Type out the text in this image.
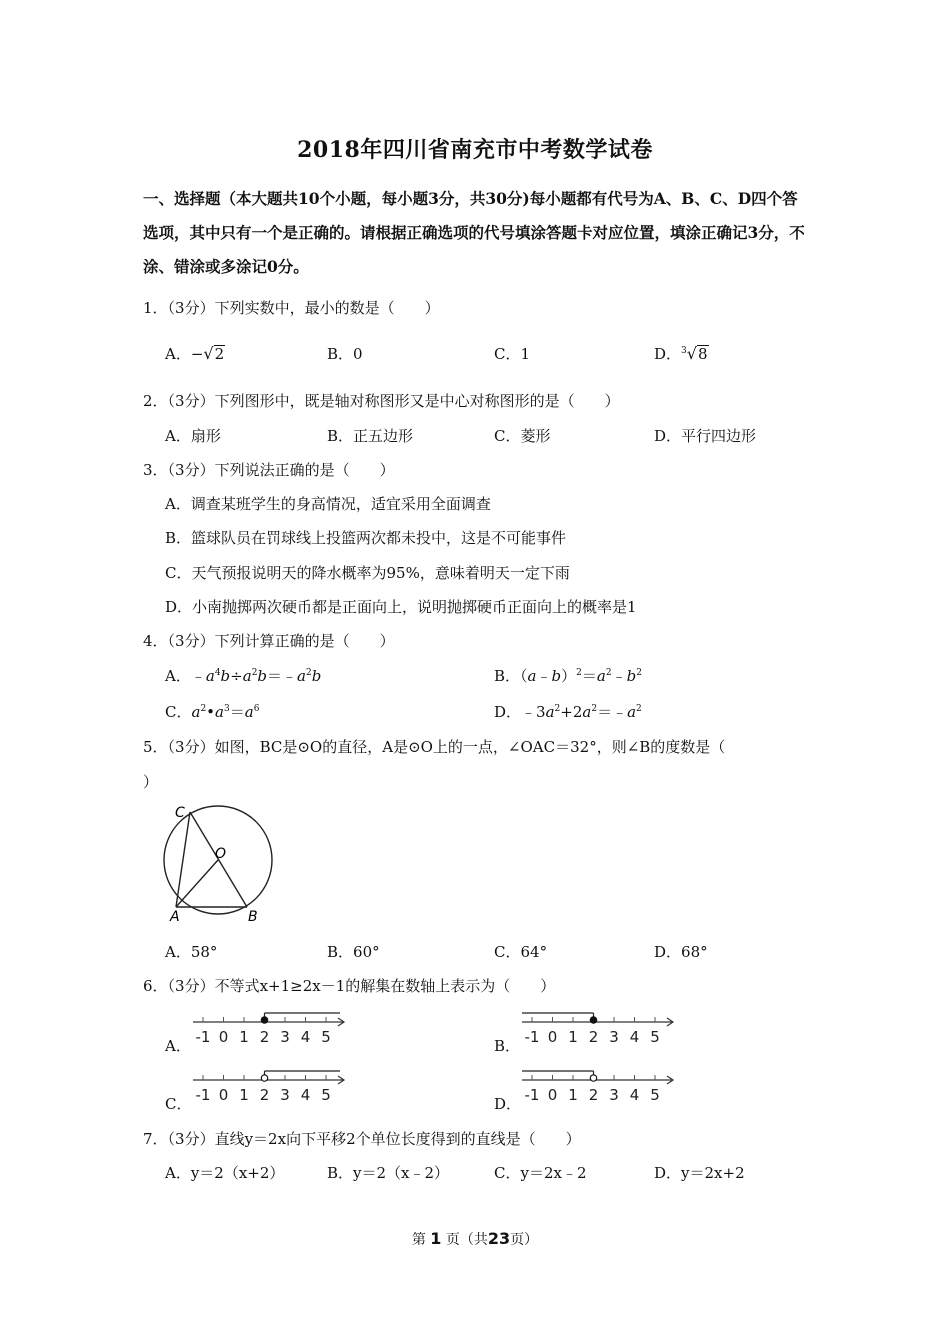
2018年四川省南充市中考数学试卷
一、选择题（本大题共10个小题，每小题3分，共30分)每小题都有代号为A、B、C、D四个答选项，其中只有一个是正确的。请根据正确选项的代号填涂答题卡对应位置，填涂正确记3分，不涂、错涂或多涂记0分。
1．（3分）下列实数中，最小的数是（　　）
A．−√2	B．0	C．1	D．$^3$√8
2．（3分）下列图形中，既是轴对称图形又是中心对称图形的是（　　）
A．扇形	B．正五边形	C．菱形	D．平行四边形
3．（3分）下列说法正确的是（　　）
A．调查某班学生的身高情况，适宜采用全面调查
B．篮球队员在罚球线上投篮两次都未投中，这是不可能事件
C．天气预报说明天的降水概率为95%，意味着明天一定下雨
D．小南抛掷两次硬币都是正面向上，说明抛掷硬币正面向上的概率是1
4．（3分）下列计算正确的是（　　）
A．$﹣a^4b\div a^2b=﹣a^2b$	B．$(a﹣b)^2=a^2﹣b^2$
C．$a^2•a^3=a^6$	D．$﹣3a^2+2a^2=﹣a^2$
5．（3分）如图，BC是⊙O的直径，A是⊙O上的一点，∠OAC＝32°，则∠B的度数是（
）
C
O
A	B
A．58°	B．60°	C．64°	D．68°
6．（3分）不等式x+1≥2x－1的解集在数轴上表示为（　　）
A． -1 0 1 2 3 4 5	B． -1 0 1 2 3 4 5
C． -1 0 1 2 3 4 5	D． -1 0 1 2 3 4 5
7．（3分）直线y＝2x向下平移2个单位长度得到的直线是（　　）
A．y＝2（x+2）	B．y＝2（x﹣2）	C．y＝2x﹣2	D．y＝2x+2
第 1 页（共23页）
